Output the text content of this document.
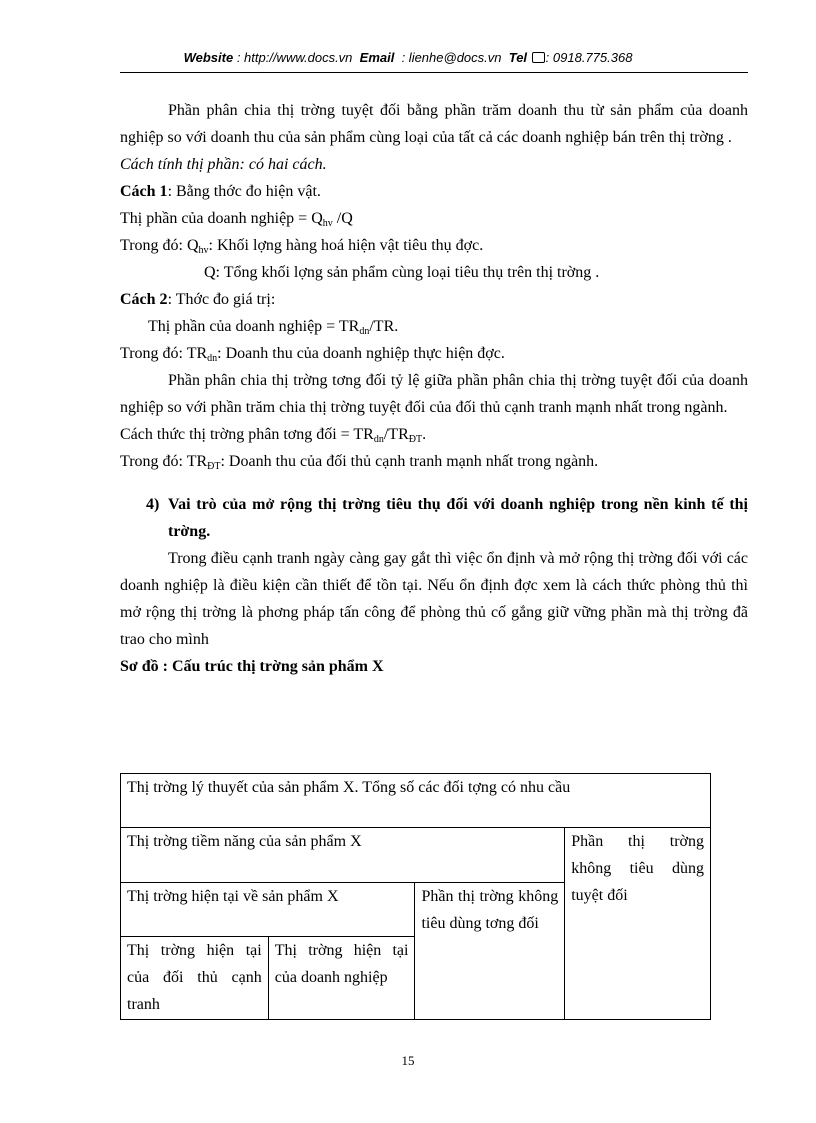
Website : http://www.docs.vn Email : lienhe@docs.vn Tel : 0918.775.368

Phần phân chia thị trờng tuyệt đối bằng phần trăm doanh thu từ sản phẩm của doanh nghiệp so với doanh thu của sản phẩm cùng loại của tất cả các doanh nghiệp bán trên thị trờng .

Cách tính thị phần: có hai cách.

Cách 1: Bằng thớc đo hiện vật.

Thị phần của doanh nghiệp = $Q_{hv}$ /Q

Trong đó: $Q_{hv}$: Khối lợng hàng hoá hiện vật tiêu thụ đợc.

Q: Tổng khối lợng sản phẩm cùng loại tiêu thụ trên thị trờng .

Cách 2: Thớc đo giá trị:

Thị phần của doanh nghiệp = $TR_{dn}/TR$.

Trong đó: $TR_{dn}$: Doanh thu của doanh nghiệp thực hiện đợc.

Phần phân chia thị trờng tơng đối tỷ lệ giữa phần phân chia thị trờng tuyệt đối của doanh nghiệp so với phần trăm chia thị trờng tuyệt đối của đối thủ cạnh tranh mạnh nhất trong ngành.

Cách thức thị trờng phân tơng đối = $TR_{dn}/TR_{ĐT}$.

Trong đó: $TR_{ĐT}$: Doanh thu của đối thủ cạnh tranh mạnh nhất trong ngành.

4) Vai trò của mở rộng thị trờng tiêu thụ đối với doanh nghiệp trong nền kinh tế thị trờng.

Trong điều cạnh tranh ngày càng gay gắt thì việc ổn định và mở rộng thị trờng đối với các doanh nghiệp là điều kiện cần thiết để tồn tại. Nếu ổn định đợc xem là cách thức phòng thủ thì mở rộng thị trờng là phơng pháp tấn công để phòng thủ cố gắng giữ vững phần mà thị trờng đã trao cho mình

Sơ đồ : Cấu trúc thị trờng sản phẩm X

Thị trờng lý thuyết của sản phẩm X. Tổng số các đối tợng có nhu cầu			
Thị trờng tiềm năng của sản phẩm X			Phần thị trờng không tiêu dùng tuyệt đối
Thị trờng hiện tại về sản phẩm X		Phần thị trờng không tiêu dùng tơng đối	
Thị trờng hiện tại của đối thủ cạnh tranh	Thị trờng hiện tại của doanh nghiệp		
15
